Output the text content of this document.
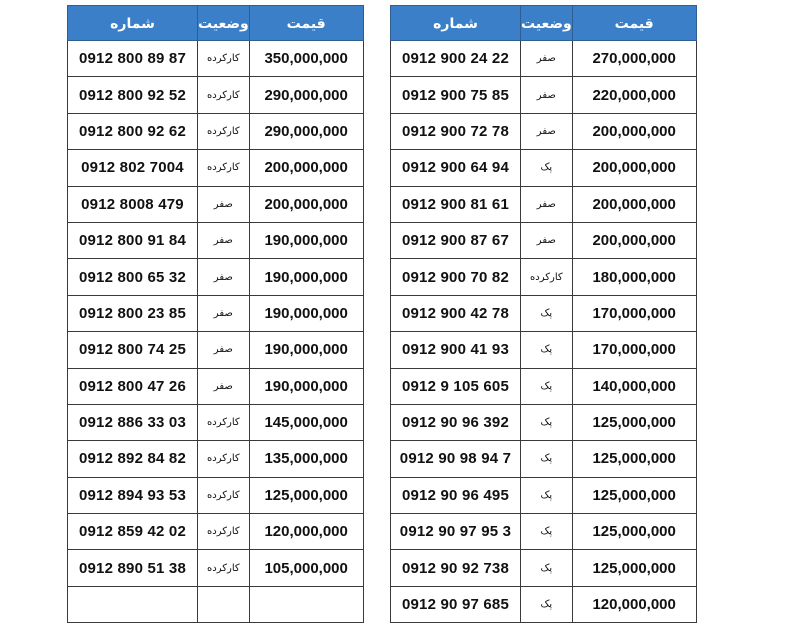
شماره	وضعیت	قیمت
0912 800 89 87	کارکرده	350,000,000
0912 800 92 52	کارکرده	290,000,000
0912 800 92 62	کارکرده	290,000,000
0912 802 7004	کارکرده	200,000,000
0912 8008 479	صفر	200,000,000
0912 800 91 84	صفر	190,000,000
0912 800 65 32	صفر	190,000,000
0912 800 23 85	صفر	190,000,000
0912 800 74 25	صفر	190,000,000
0912 800 47 26	صفر	190,000,000
0912 886 33 03	کارکرده	145,000,000
0912 892 84 82	کارکرده	135,000,000
0912 894 93 53	کارکرده	125,000,000
0912 859 42 02	کارکرده	120,000,000
0912 890 51 38	کارکرده	105,000,000

شماره	وضعیت	قیمت
0912 900 24 22	صفر	270,000,000
0912 900 75 85	صفر	220,000,000
0912 900 72 78	صفر	200,000,000
0912 900 64 94	پک	200,000,000
0912 900 81 61	صفر	200,000,000
0912 900 87 67	صفر	200,000,000
0912 900 70 82	کارکرده	180,000,000
0912 900 42 78	پک	170,000,000
0912 900 41 93	پک	170,000,000
0912 9 105 605	پک	140,000,000
0912 90 96 392	پک	125,000,000
0912 90 98 94 7	پک	125,000,000
0912 90 96 495	پک	125,000,000
0912 90 97 95 3	پک	125,000,000
0912 90 92 738	پک	125,000,000
0912 90 97 685	پک	120,000,000
